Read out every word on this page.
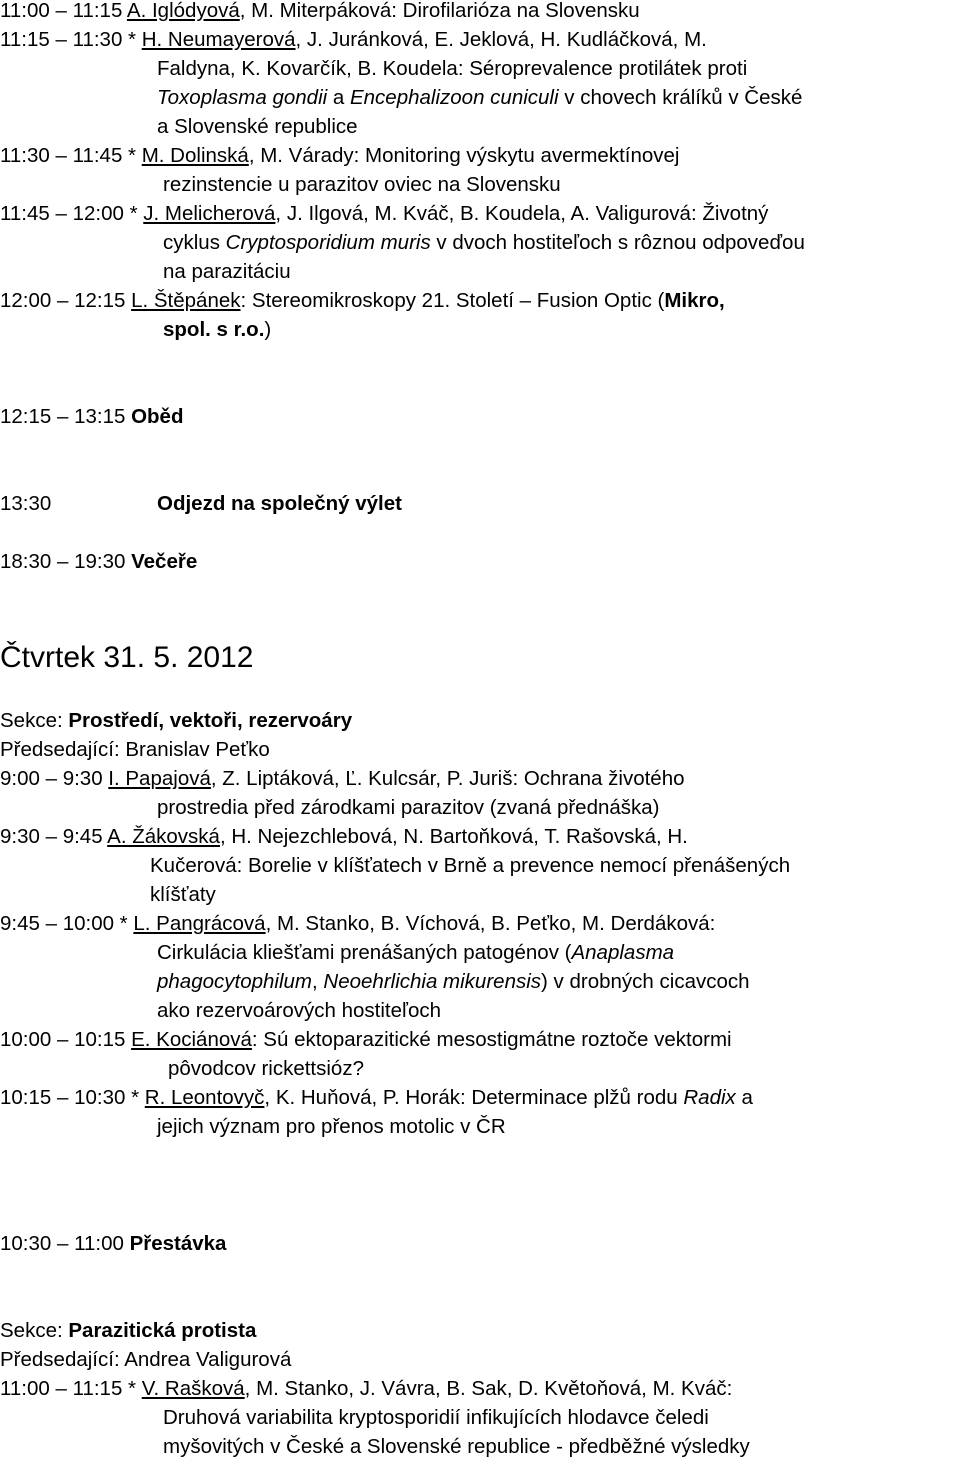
11:00 – 11:15 A. Iglódyová, M. Miterpáková: Dirofilarióza na Slovensku
11:15 – 11:30 * H. Neumayerová, J. Juránková, E. Jeklová, H. Kudláčková, M.
Faldyna, K. Kovarčík, B. Koudela: Séroprevalence protilátek proti
Toxoplasma gondii a Encephalizoon cuniculi v chovech králíků v České
a Slovenské republice
11:30 – 11:45 * M. Dolinská, M. Várady: Monitoring výskytu avermektínovej
rezinstencie u parazitov oviec na Slovensku
11:45 – 12:00 * J. Melicherová, J. Ilgová, M. Kváč, B. Koudela, A. Valigurová: Životný
cyklus Cryptosporidium muris v dvoch hostiteľoch s rôznou odpoveďou
na parazitáciu
12:00 – 12:15 L. Štěpánek: Stereomikroskopy 21. Století – Fusion Optic (Mikro,
spol. s r.o.)
12:15 – 13:15 Oběd
13:30	Odjezd na společný výlet
18:30 – 19:30 Večeře
Čtvrtek 31. 5. 2012
Sekce: Prostředí, vektoři, rezervoáry
Předsedající: Branislav Peťko
9:00 – 9:30 I. Papajová, Z. Liptáková, Ľ. Kulcsár, P. Juriš: Ochrana životého
prostredia před zárodkami parazitov (zvaná přednáška)
9:30 – 9:45 A. Žákovská, H. Nejezchlebová, N. Bartoňková, T. Rašovská, H.
Kučerová: Borelie v klíšťatech v Brně a prevence nemocí přenášených
klíšťaty
9:45 – 10:00 * L. Pangrácová, M. Stanko, B. Víchová, B. Peťko, M. Derdáková:
Cirkulácia kliešťami prenášaných patogénov (Anaplasma
phagocytophilum, Neoehrlichia mikurensis) v drobných cicavcoch
ako rezervoárových hostiteľoch
10:00 – 10:15 E. Kociánová: Sú ektoparazitické mesostigmátne roztoče vektormi
pôvodcov rickettsióz?
10:15 – 10:30 * R. Leontovyč, K. Huňová, P. Horák: Determinace plžů rodu Radix a
jejich význam pro přenos motolic v ČR
10:30 – 11:00 Přestávka
Sekce: Parazitická protista
Předsedající: Andrea Valigurová
11:00 – 11:15 * V. Rašková, M. Stanko, J. Vávra, B. Sak, D. Květoňová, M. Kváč:
Druhová variabilita kryptosporidií infikujících hlodavce čeledi
myšovitých v České a Slovenské republice - předběžné výsledky
